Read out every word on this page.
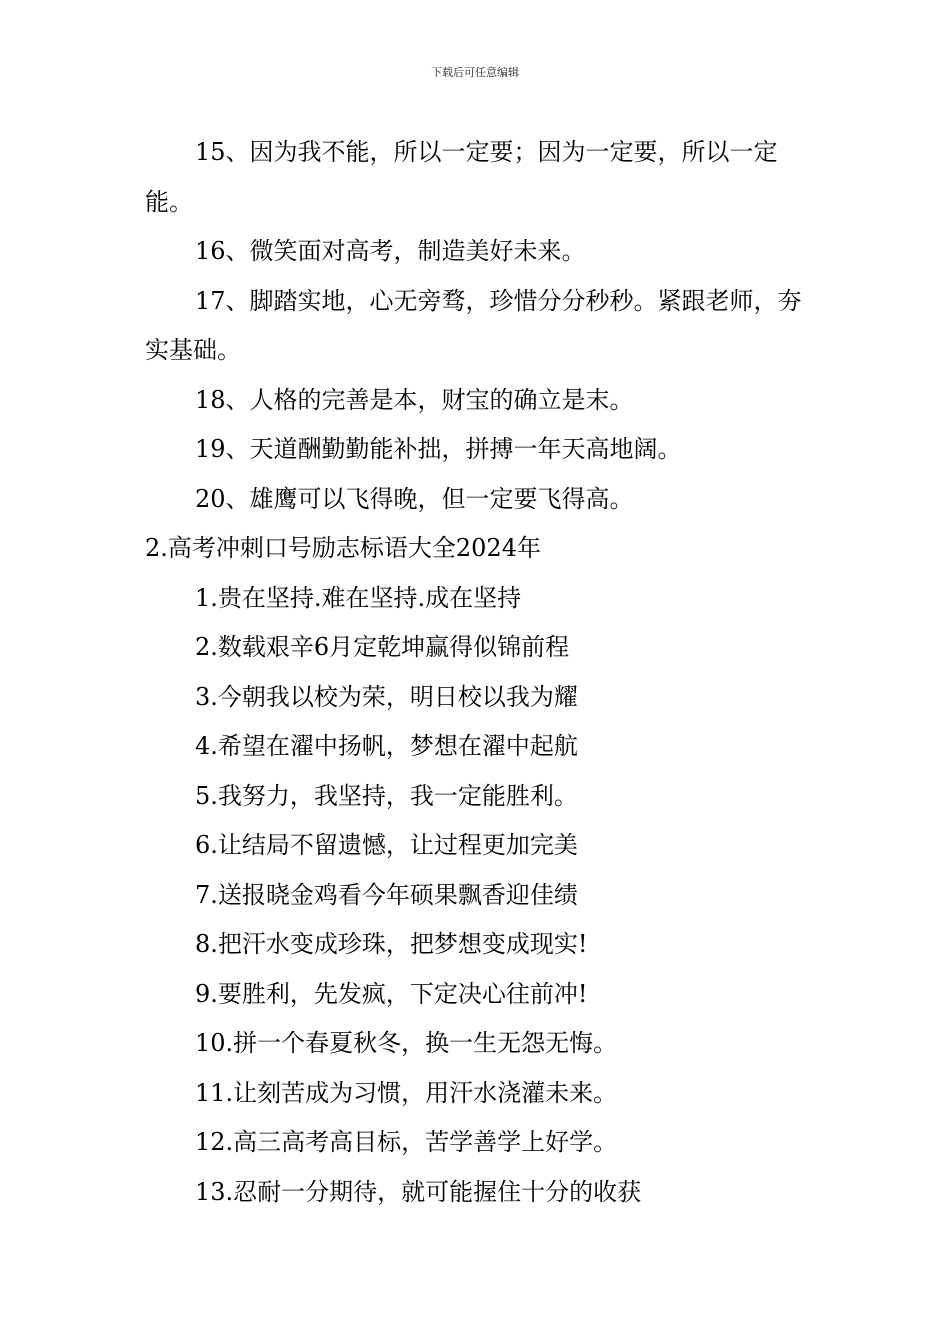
下载后可任意编辑

15、因为我不能，所以一定要；因为一定要，所以一定能。

16、微笑面对高考，制造美好未来。

17、脚踏实地，心无旁骛，珍惜分分秒秒。紧跟老师，夯实基础。

18、人格的完善是本，财宝的确立是末。

19、天道酬勤勤能补拙，拼搏一年天高地阔。

20、雄鹰可以飞得晚，但一定要飞得高。

2.高考冲刺口号励志标语大全2024年

1.贵在坚持.难在坚持.成在坚持

2.数载艰辛6月定乾坤赢得似锦前程

3.今朝我以校为荣，明日校以我为耀

4.希望在濯中扬帆，梦想在濯中起航

5.我努力，我坚持，我一定能胜利。

6.让结局不留遗憾，让过程更加完美

7.送报晓金鸡看今年硕果飘香迎佳绩

8.把汗水变成珍珠，把梦想变成现实!

9.要胜利，先发疯，下定决心往前冲!

10.拼一个春夏秋冬，换一生无怨无悔。

11.让刻苦成为习惯，用汗水浇灌未来。

12.高三高考高目标，苦学善学上好学。

13.忍耐一分期待，就可能握住十分的收获
